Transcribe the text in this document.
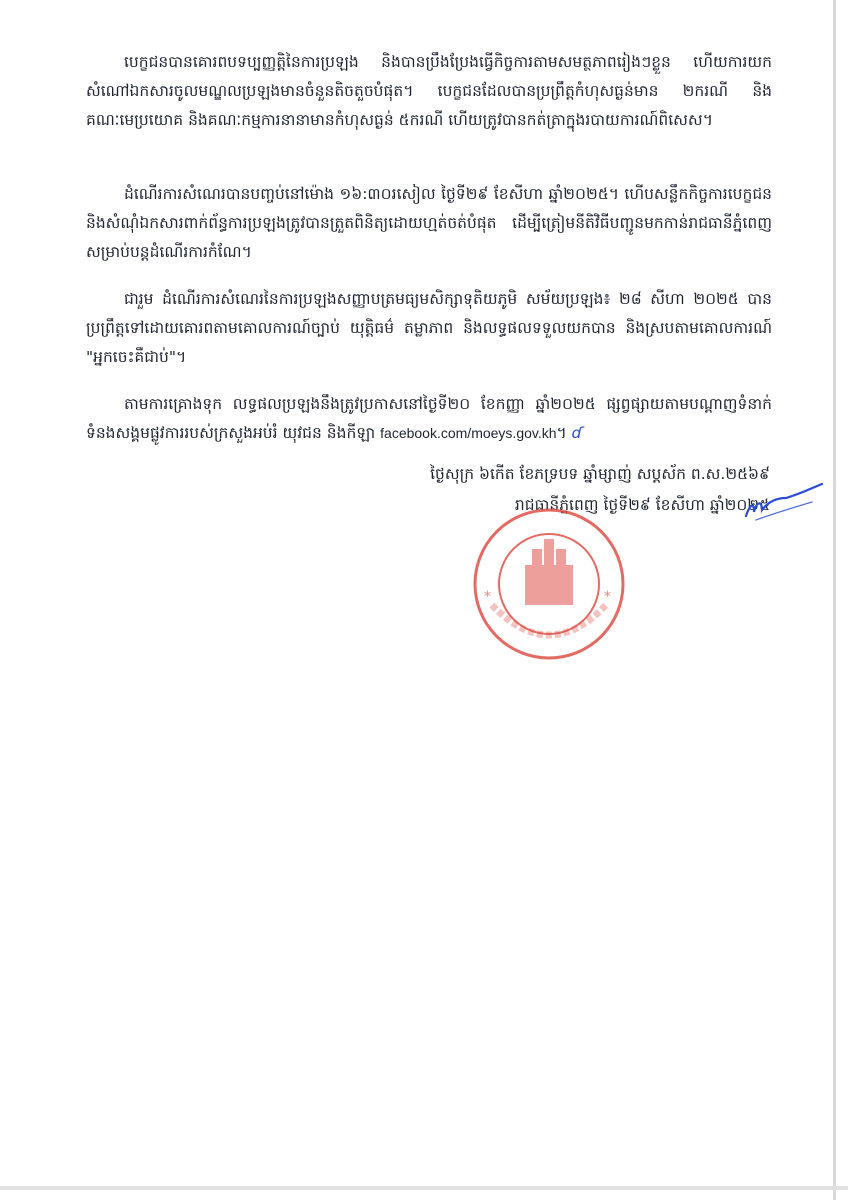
បេក្ខជនបានគោរពបទប្បញ្ញត្តិនៃការប្រឡង និងបានប្រឹងប្រែងធ្វើកិច្ចការតាមសមត្ថភាពរៀងៗខ្លួន ហើយការយកសំណៅឯកសារចូលមណ្ឌលប្រឡងមានចំនួនតិចតួចបំផុត។ បេក្ខជនដែលបានប្រព្រឹត្តកំហុសធ្ងន់មាន ២ករណី និងគណៈមេប្រយោគ និងគណៈកម្មការនានាមានកំហុសធ្ងន់ ៥ករណី ហើយត្រូវបានកត់ត្រាក្នុងរបាយការណ៍ពិសេស។

ដំណើរការសំណេរបានបញ្ចប់នៅម៉ោង ១៦:៣០រសៀល ថ្ងៃទី២៩ ខែសីហា ឆ្នាំ២០២៥។ ហើបសន្លឹកកិច្ចការបេក្ខជន និងសំណុំឯកសារពាក់ព័ន្ធការប្រឡងត្រូវបានត្រួតពិនិត្យដោយហ្មត់ចត់បំផុត ដើម្បីត្រៀមនីតិវិធីបញ្ជូនមកកាន់រាជធានីភ្នំពេញសម្រាប់បន្តដំណើរការកំណែ។

ជារួម ដំណើរការសំណេរនៃការប្រឡងសញ្ញាបត្រមធ្យមសិក្សាទុតិយភូមិ សម័យប្រឡង៖ ២៨ សីហា ២០២៥ បានប្រព្រឹត្តទៅដោយគោរពតាមគោលការណ៍ច្បាប់ យុត្តិធម៌ តម្លាភាព និងលទ្ធផលទទួលយកបាន និងស្របតាមគោលការណ៍ "អ្នកចេះគឺជាប់"។

តាមការគ្រោងទុក លទ្ធផលប្រឡងនឹងត្រូវប្រកាសនៅថ្ងៃទី២០ ខែកញ្ញា ឆ្នាំ២០២៥ ផ្សព្វផ្សាយតាមបណ្តាញទំនាក់ទំនងសង្គមផ្លូវការរបស់ក្រសួងអប់រំ យុវជន និងកីឡា facebook.com/moeys.gov.kh។ ɗ

ថ្ងៃសុក្រ ៦កើត ខែភទ្របទ ឆ្នាំម្សាញ់ សប្តស័ក ព.ស.២៥៦៩

រាជធានីភ្នំពេញ ថ្ងៃទី២៩ ខែសីហា ឆ្នាំ២០២៥

*	*
